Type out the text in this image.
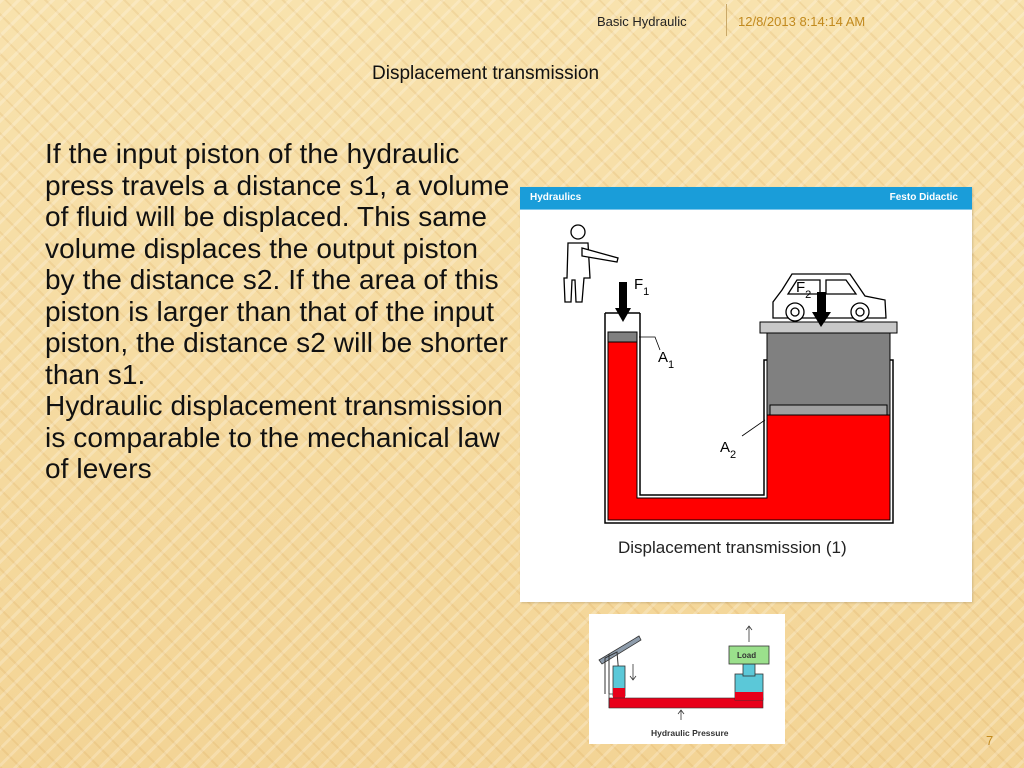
Basic Hydraulic	12/8/2013 8:14:14 AM
Displacement transmission

If the input piston of the hydraulic press travels a distance s1, a volume of fluid will be displaced. This same volume displaces the output piston by the distance s2. If the area of this piston is larger than that of the input piston, the distance s2 will be shorter than s1.

Hydraulic displacement transmission is comparable to the mechanical law of levers

Hydraulics	Festo Didactic
$F_1$	$F_2$
$A_1$
$A_2$
Displacement transmission (1)
Load
Hydraulic Pressure	7
